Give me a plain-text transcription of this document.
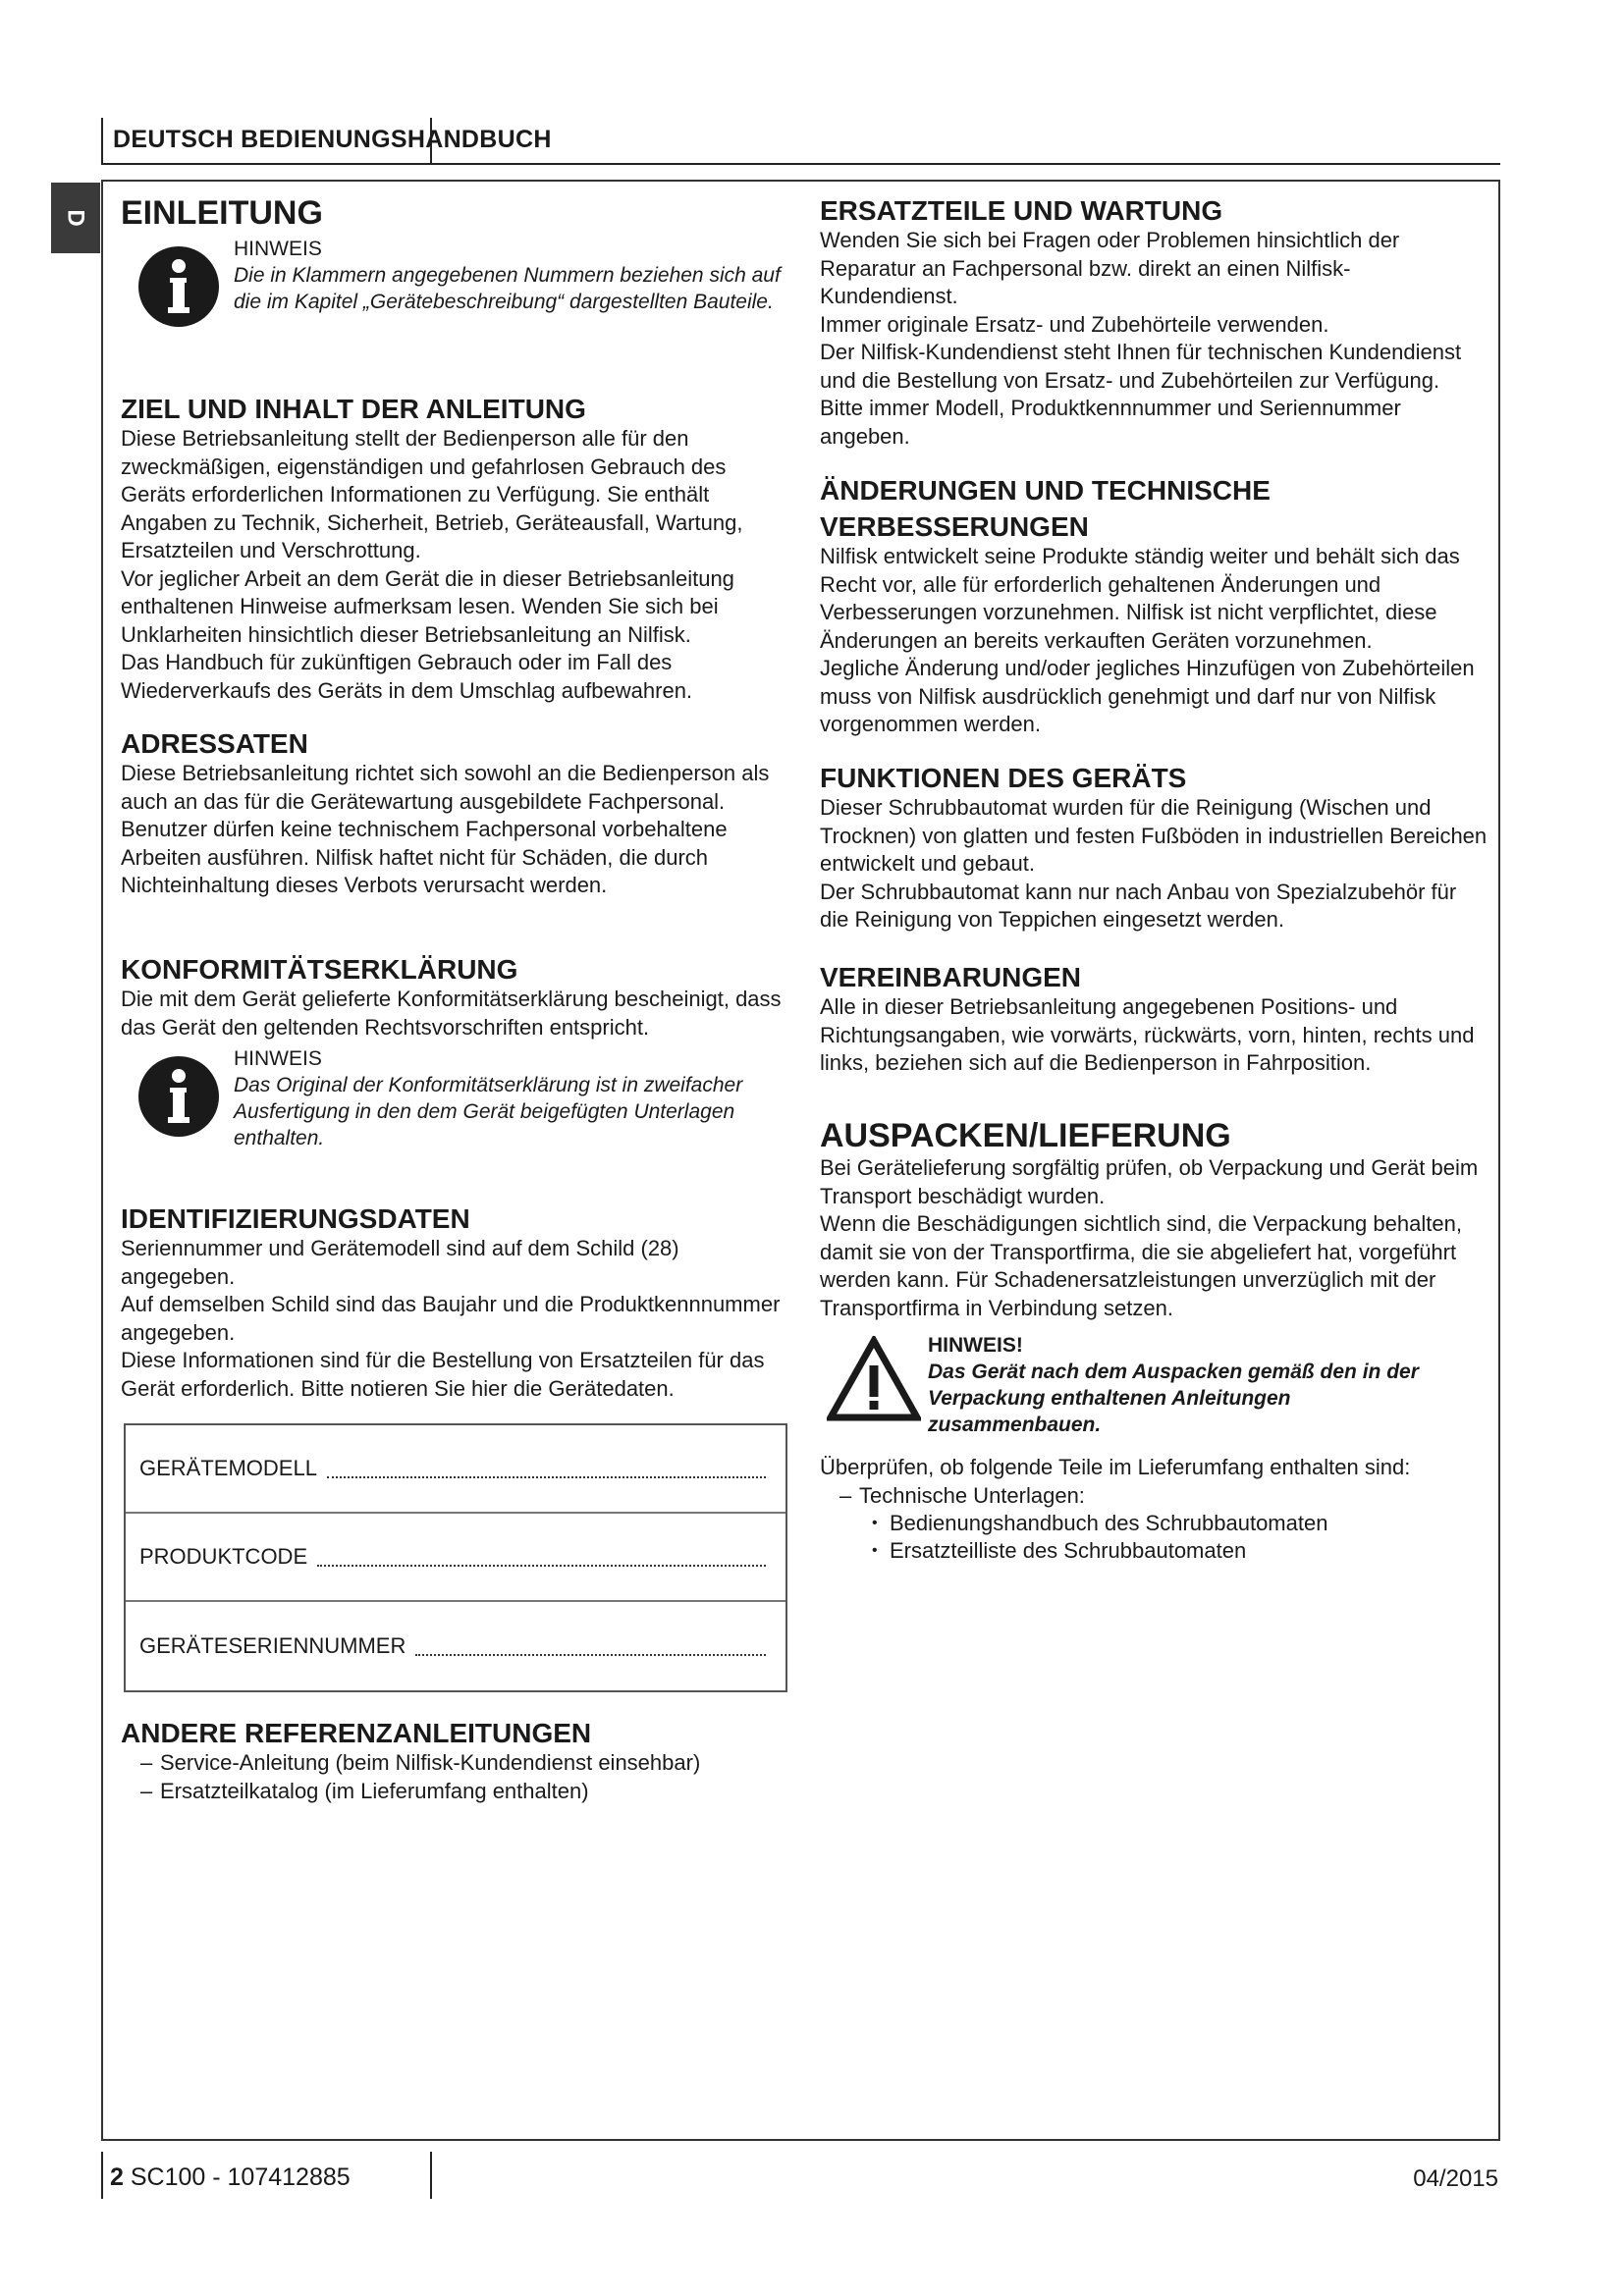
DEUTSCH BEDIENUNGSHANDBUCH
D EINLEITUNG
HINWEIS
Die in Klammern angegebenen Nummern beziehen sich auf die im Kapitel „Gerätebeschreibung“ dargestellten Bauteile.
ZIEL UND INHALT DER ANLEITUNG

Diese Betriebsanleitung stellt der Bedienperson alle für den zweckmäßigen, eigenständigen und gefahrlosen Gebrauch des Geräts erforderlichen Informationen zu Verfügung. Sie enthält Angaben zu Technik, Sicherheit, Betrieb, Geräteausfall, Wartung, Ersatzteilen und Verschrottung.

Vor jeglicher Arbeit an dem Gerät die in dieser Betriebsanleitung enthaltenen Hinweise aufmerksam lesen. Wenden Sie sich bei Unklarheiten hinsichtlich dieser Betriebsanleitung an Nilfisk.

Das Handbuch für zukünftigen Gebrauch oder im Fall des Wiederverkaufs des Geräts in dem Umschlag aufbewahren.

ADRESSATEN

Diese Betriebsanleitung richtet sich sowohl an die Bedienperson als auch an das für die Gerätewartung ausgebildete Fachpersonal.

Benutzer dürfen keine technischem Fachpersonal vorbehaltene Arbeiten ausführen. Nilfisk haftet nicht für Schäden, die durch Nichteinhaltung dieses Verbots verursacht werden.

KONFORMITÄTSERKLÄRUNG

Die mit dem Gerät gelieferte Konformitätserklärung bescheinigt, dass das Gerät den geltenden Rechtsvorschriften entspricht.

HINWEIS
Das Original der Konformitätserklärung ist in zweifacher Ausfertigung in den dem Gerät beigefügten Unterlagen enthalten.
IDENTIFIZIERUNGSDATEN

Seriennummer und Gerätemodell sind auf dem Schild (28) angegeben.

Auf demselben Schild sind das Baujahr und die Produktkennnummer angegeben.

Diese Informationen sind für die Bestellung von Ersatzteilen für das Gerät erforderlich. Bitte notieren Sie hier die Gerätedaten.

GERÄTEMODELL
PRODUKTCODE
GERÄTESERIENNUMMER
ANDERE REFERENZANLEITUNGEN
– Service-Anleitung (beim Nilfisk-Kundendienst einsehbar)
– Ersatzteilkatalog (im Lieferumfang enthalten)
ERSATZTEILE UND WARTUNG

Wenden Sie sich bei Fragen oder Problemen hinsichtlich der Reparatur an Fachpersonal bzw. direkt an einen Nilfisk-Kundendienst.

Immer originale Ersatz- und Zubehörteile verwenden.

Der Nilfisk-Kundendienst steht Ihnen für technischen Kundendienst und die Bestellung von Ersatz- und Zubehörteilen zur Verfügung. Bitte immer Modell, Produktkennnummer und Seriennummer angeben.

ÄNDERUNGEN UND TECHNISCHE
VERBESSERUNGEN

Nilfisk entwickelt seine Produkte ständig weiter und behält sich das Recht vor, alle für erforderlich gehaltenen Änderungen und Verbesserungen vorzunehmen. Nilfisk ist nicht verpflichtet, diese Änderungen an bereits verkauften Geräten vorzunehmen.

Jegliche Änderung und/oder jegliches Hinzufügen von Zubehörteilen muss von Nilfisk ausdrücklich genehmigt und darf nur von Nilfisk vorgenommen werden.

FUNKTIONEN DES GERÄTS

Dieser Schrubbautomat wurden für die Reinigung (Wischen und Trocknen) von glatten und festen Fußböden in industriellen Bereichen entwickelt und gebaut.

Der Schrubbautomat kann nur nach Anbau von Spezialzubehör für die Reinigung von Teppichen eingesetzt werden.

VEREINBARUNGEN

Alle in dieser Betriebsanleitung angegebenen Positions- und Richtungsangaben, wie vorwärts, rückwärts, vorn, hinten, rechts und links, beziehen sich auf die Bedienperson in Fahrposition.

AUSPACKEN/LIEFERUNG

Bei Gerätelieferung sorgfältig prüfen, ob Verpackung und Gerät beim Transport beschädigt wurden.

Wenn die Beschädigungen sichtlich sind, die Verpackung behalten, damit sie von der Transportfirma, die sie abgeliefert hat, vorgeführt werden kann. Für Schadenersatzleistungen unverzüglich mit der Transportfirma in Verbindung setzen.

HINWEIS!
Das Gerät nach dem Auspacken gemäß den in der Verpackung enthaltenen Anleitungen zusammenbauen.

Überprüfen, ob folgende Teile im Lieferumfang enthalten sind:

– Technische Unterlagen:
• Bedienungshandbuch des Schrubbautomaten
• Ersatzteilliste des Schrubbautomaten
2 SC100 - 107412885	04/2015
